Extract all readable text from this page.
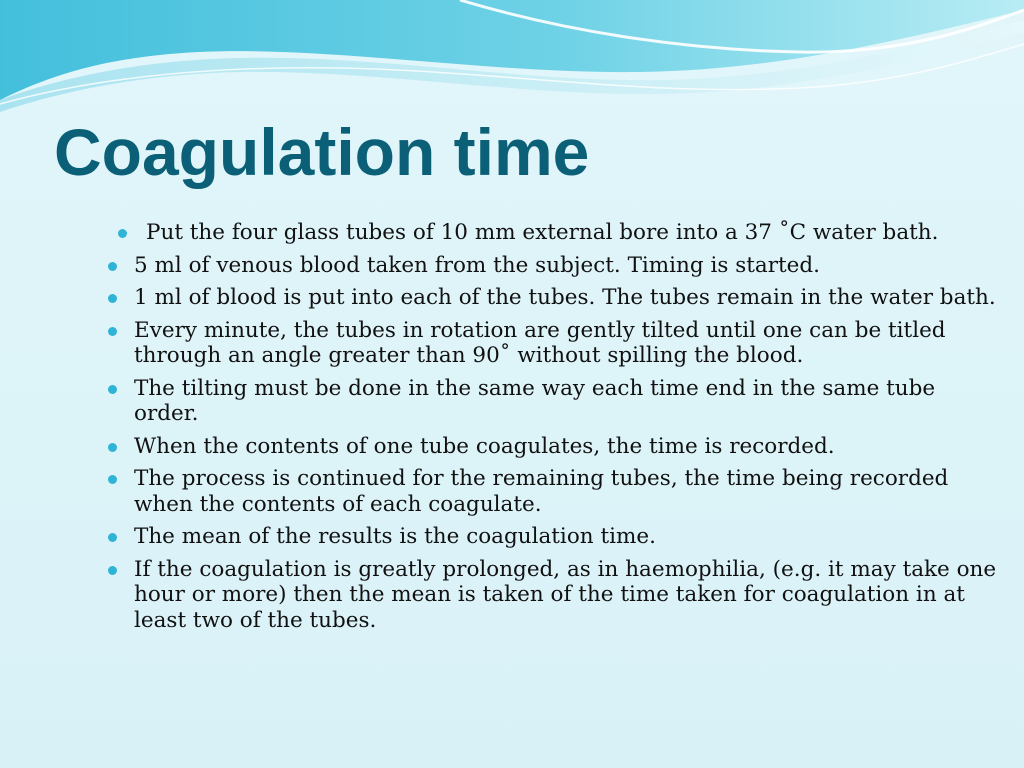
Coagulation time
Put the four glass tubes of 10 mm external bore into a 37 ˚C water bath.
5 ml of venous blood taken from the subject. Timing is started.
1 ml of blood is put into each of the tubes. The tubes remain in the water bath.
Every minute, the tubes in rotation are gently tilted until one can be titled through an angle greater than 90˚ without spilling the blood.
The tilting must be done in the same way each time end in the same tube order.
When the contents of one tube coagulates, the time is recorded.
The process is continued for the remaining tubes, the time being recorded when the contents of each coagulate.
The mean of the results is the coagulation time.
If the coagulation is greatly prolonged, as in haemophilia, (e.g. it may take one hour or more) then the mean is taken of the time taken for coagulation in at least two of the tubes.
